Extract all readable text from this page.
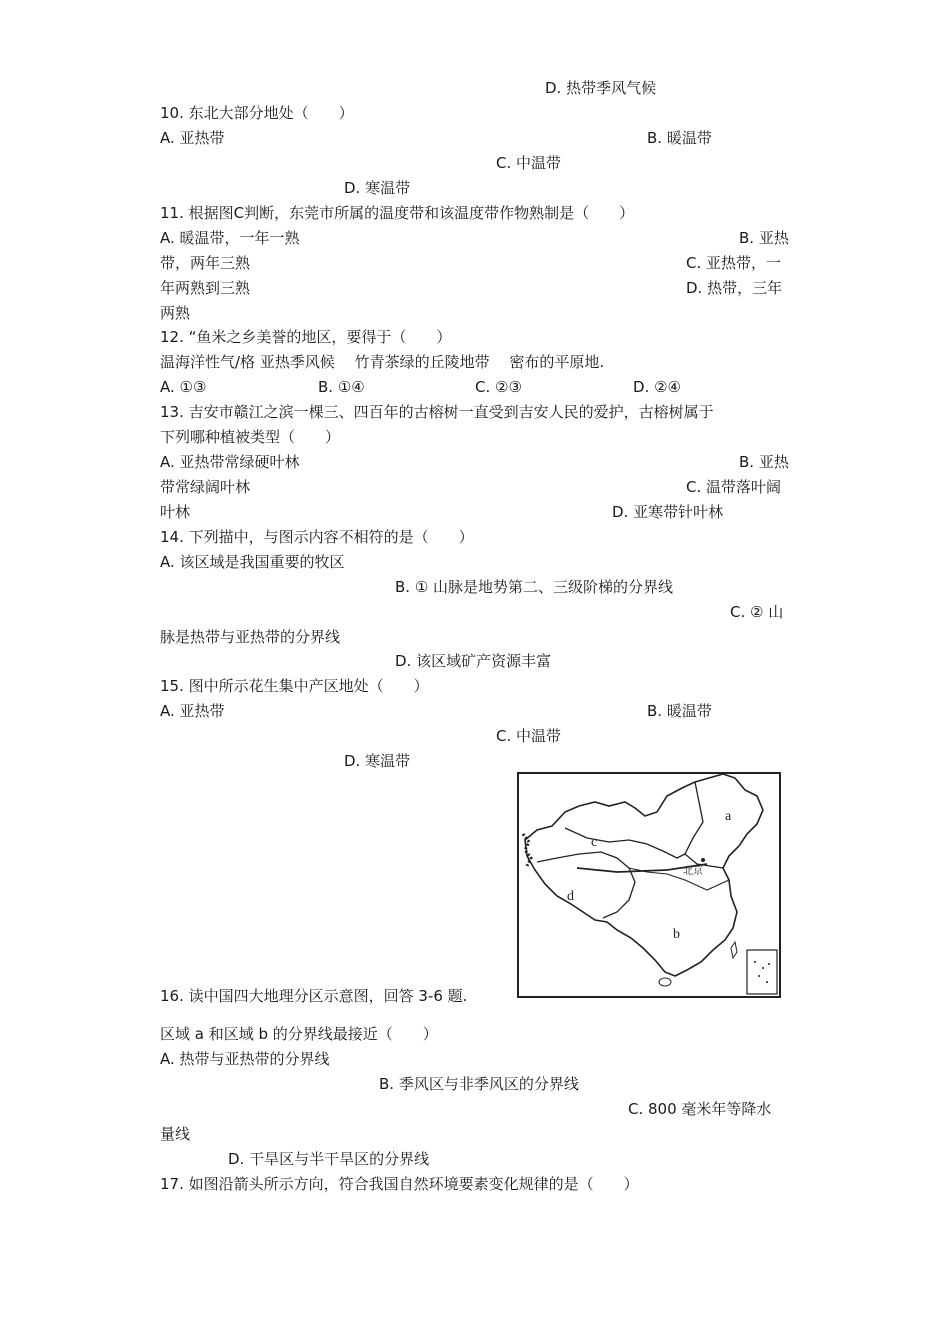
D. 热带季风气候
10. 东北大部分地处（　　）
A. 亚热带	B. 暖温带
C. 中温带
D. 寒温带
11. 根据图C判断，东莞市所属的温度带和该温度带作物熟制是（　　）
A. 暖温带，一年一熟	B. 亚热
带，两年三熟	C. 亚热带，一
年两熟到三熟	D. 热带，三年
两熟
12. “鱼米之乡美誉的地区，要得于（　　）
温海洋性气/格 亚热季风候　 竹青茶绿的丘陵地带　 密布的平原地.
A. ①③	B. ①④	C. ②③	D. ②④
13. 吉安市赣江之滨一棵三、四百年的古榕树一直受到吉安人民的爱护，古榕树属于
下列哪种植被类型（　　）
A. 亚热带常绿硬叶林	B. 亚热
带常绿阔叶林	C. 温带落叶阔
叶林	D. 亚寒带针叶林
14. 下列描中，与图示内容不相符的是（　　）
A. 该区域是我国重要的牧区
B. ① 山脉是地势第二、三级阶梯的分界线
C. ② 山
脉是热带与亚热带的分界线
D. 该区域矿产资源丰富
15. 图中所示花生集中产区地处（　　）
A. 亚热带	B. 暖温带
C. 中温带
D. 寒温带
a
b
c
d
北京
16. 读中国四大地理分区示意图，回答 3-6 题.
区域 a 和区域 b 的分界线最接近（　　）
A. 热带与亚热带的分界线
B. 季风区与非季风区的分界线
C. 800 毫米年等降水
量线
D. 干旱区与半干旱区的分界线
17. 如图沿箭头所示方向，符合我国自然环境要素变化规律的是（　　）
